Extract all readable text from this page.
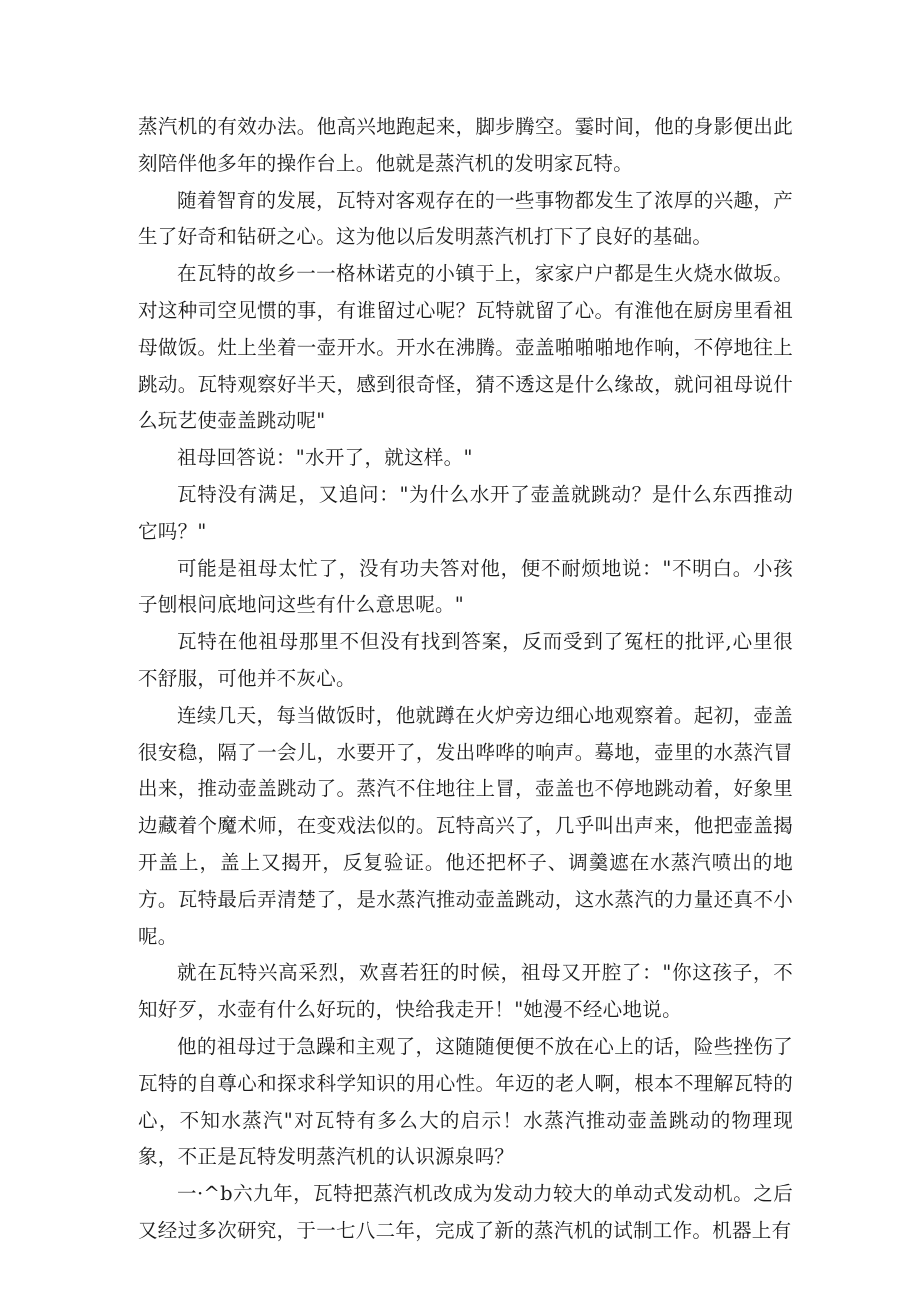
蒸汽机的有效办法。他高兴地跑起来，脚步腾空。霎时间，他的身影便出此刻陪伴他多年的操作台上。他就是蒸汽机的发明家瓦特。

随着智育的发展，瓦特对客观存在的一些事物都发生了浓厚的兴趣，产生了好奇和钻研之心。这为他以后发明蒸汽机打下了良好的基础。

在瓦特的故乡一一格林诺克的小镇于上，家家户户都是生火烧水做坂。对这种司空见惯的事，有谁留过心呢？瓦特就留了心。有淮他在厨房里看祖母做饭。灶上坐着一壶开水。开水在沸腾。壶盖啪啪啪地作响，不停地往上跳动。瓦特观察好半天，感到很奇怪，猜不透这是什么缘故，就问祖母说什么玩艺使壶盖跳动呢"

祖母回答说："水开了，就这样。"

瓦特没有满足，又追问："为什么水开了壶盖就跳动？是什么东西推动它吗？"

可能是祖母太忙了，没有功夫答对他，便不耐烦地说："不明白。小孩子刨根问底地问这些有什么意思呢。"

瓦特在他祖母那里不但没有找到答案，反而受到了冤枉的批评,心里很不舒服，可他并不灰心。

连续几天，每当做饭时，他就蹲在火炉旁边细心地观察着。起初，壶盖很安稳，隔了一会儿，水要开了，发出哗哗的响声。蓦地，壶里的水蒸汽冒出来，推动壶盖跳动了。蒸汽不住地往上冒，壶盖也不停地跳动着，好象里边藏着个魔术师，在变戏法似的。瓦特高兴了，几乎叫出声来，他把壶盖揭开盖上，盖上又揭开，反复验证。他还把杯子、调羹遮在水蒸汽喷出的地方。瓦特最后弄清楚了，是水蒸汽推动壶盖跳动，这水蒸汽的力量还真不小呢。

就在瓦特兴高采烈，欢喜若狂的时候，祖母又开腔了："你这孩子，不知好歹，水壶有什么好玩的，快给我走开！"她漫不经心地说。

他的祖母过于急躁和主观了，这随随便便不放在心上的话，险些挫伤了瓦特的自尊心和探求科学知识的用心性。年迈的老人啊，根本不理解瓦特的心，不知水蒸汽"对瓦特有多么大的启示！水蒸汽推动壶盖跳动的物理现象，不正是瓦特发明蒸汽机的认识源泉吗？

一·^b六九年，瓦特把蒸汽机改成为发动力较大的单动式发动机。之后又经过多次研究，于一七八二年，完成了新的蒸汽机的试制工作。机器上有
